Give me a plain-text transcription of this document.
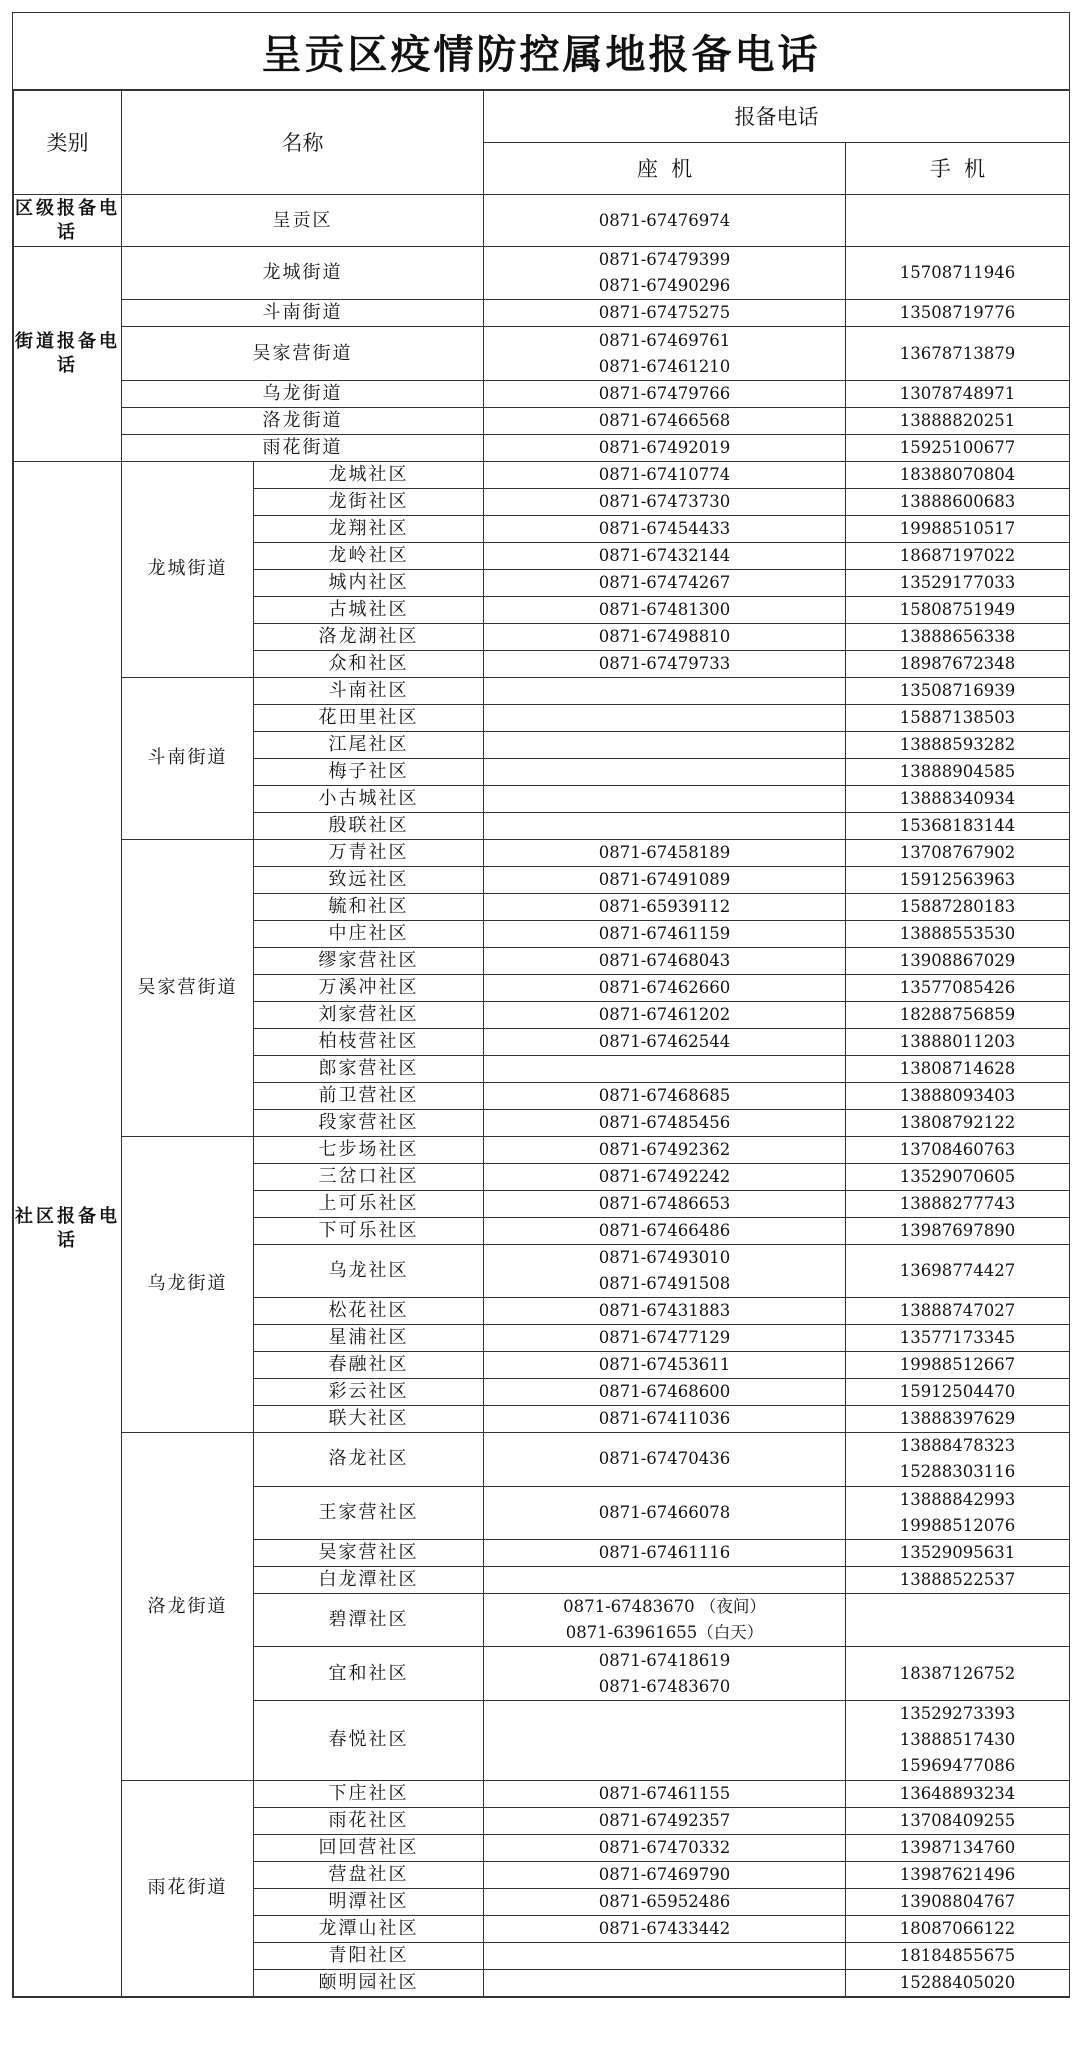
呈贡区疫情防控属地报备电话
类别	名称		报备电话	
			座  机	手  机
区级报备电话	呈贡区		0871-67476974	

街道报备电话	龙城街道		0871-67479399
0871-67490296	15708711946

	斗南街道		0871-67475275	13508719776

	吴家营街道		0871-67469761
0871-67461210	13678713879

	乌龙街道		0871-67479766	13078748971

	洛龙街道		0871-67466568	13888820251

	雨花街道		0871-67492019	15925100677

社区报备电话	龙城街道	龙城社区	0871-67410774	18388070804

		龙街社区	0871-67473730	13888600683

		龙翔社区	0871-67454433	19988510517

		龙岭社区	0871-67432144	18687197022

		城内社区	0871-67474267	13529177033

		古城社区	0871-67481300	15808751949

		洛龙湖社区	0871-67498810	13888656338

		众和社区	0871-67479733	18987672348

	斗南街道	斗南社区		13508716939

		花田里社区		15887138503

		江尾社区		13888593282

		梅子社区		13888904585

		小古城社区		13888340934

		殷联社区		15368183144

	吴家营街道	万青社区	0871-67458189	13708767902

		致远社区	0871-67491089	15912563963

		毓和社区	0871-65939112	15887280183

		中庄社区	0871-67461159	13888553530

		缪家营社区	0871-67468043	13908867029

		万溪冲社区	0871-67462660	13577085426

		刘家营社区	0871-67461202	18288756859

		柏枝营社区	0871-67462544	13888011203

		郎家营社区		13808714628

		前卫营社区	0871-67468685	13888093403

		段家营社区	0871-67485456	13808792122

	乌龙街道	七步场社区	0871-67492362	13708460763

		三岔口社区	0871-67492242	13529070605

		上可乐社区	0871-67486653	13888277743

		下可乐社区	0871-67466486	13987697890

		乌龙社区	0871-67493010
0871-67491508	13698774427

		松花社区	0871-67431883	13888747027

		星浦社区	0871-67477129	13577173345

		春融社区	0871-67453611	19988512667

		彩云社区	0871-67468600	15912504470

		联大社区	0871-67411036	13888397629

	洛龙街道	洛龙社区	0871-67470436	13888478323
15288303116

		王家营社区	0871-67466078	13888842993
19988512076

		吴家营社区	0871-67461116	13529095631

		白龙潭社区		13888522537

		碧潭社区	0871-67483670 （夜间）
0871-63961655（白天）	

		宜和社区	0871-67418619
0871-67483670	18387126752

		春悦社区		13529273393
13888517430
15969477086

	雨花街道	下庄社区	0871-67461155	13648893234

		雨花社区	0871-67492357	13708409255

		回回营社区	0871-67470332	13987134760

		营盘社区	0871-67469790	13987621496

		明潭社区	0871-65952486	13908804767

		龙潭山社区	0871-67433442	18087066122

		青阳社区		18184855675

		颐明园社区		15288405020
